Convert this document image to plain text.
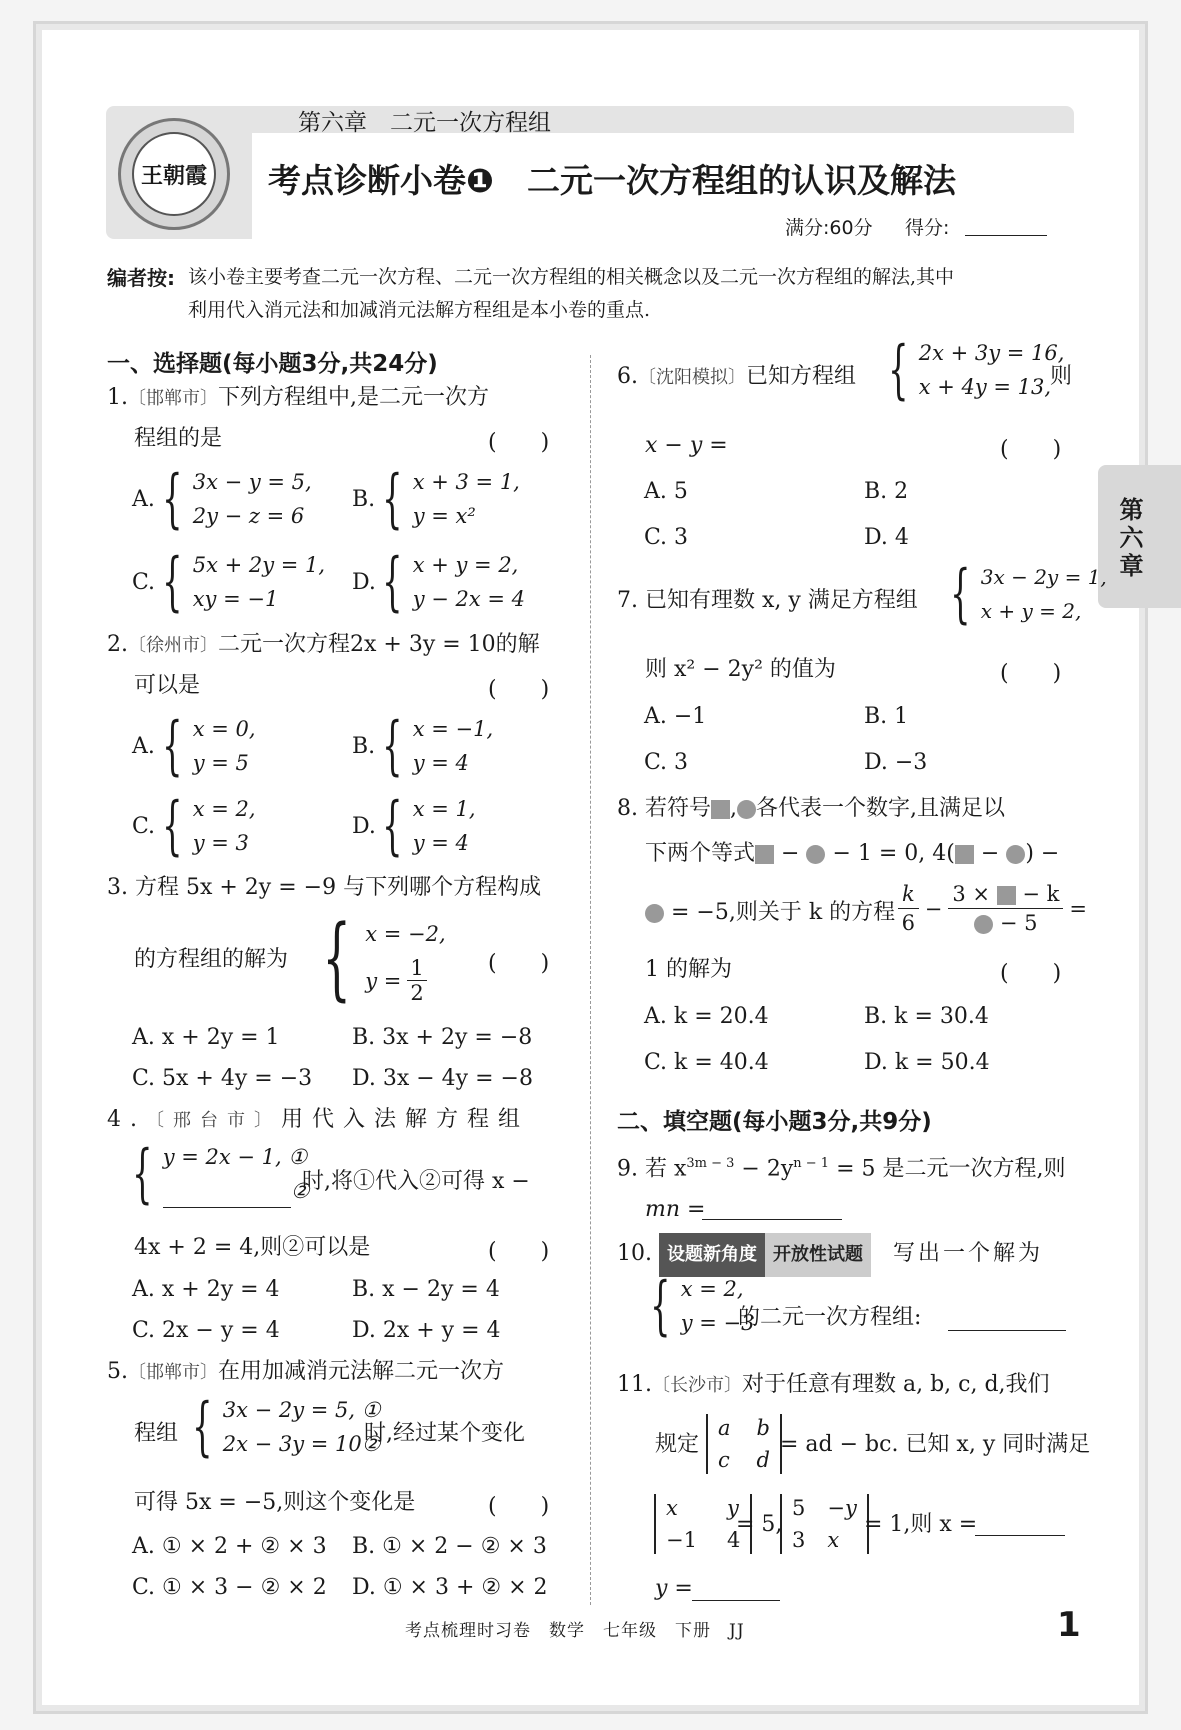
王朝霞
第六章　二元一次方程组
考点诊断小卷❶　二元一次方程组的认识及解法
满分:60分 得分:
第六章
编者按: 该小卷主要考查二元一次方程、二元一次方程组的相关概念以及二元一次方程组的解法,其中
利用代入消元法和加减消元法解方程组是本小卷的重点.
一、选择题(每小题3分,共24分)
1.〔邯郸市〕下列方程组中,是二元一次方
程组的是	(　　)
A. { 3x − y = 5,
2y − z = 6
B. { x + 3 = 1,
y = x²
C. { 5x + 2y = 1,
xy = −1
D. { x + y = 2,
y − 2x = 4
2.〔徐州市〕二元一次方程2x + 3y = 10的解
可以是	(　　)
A. { x = 0,
y = 5
B. { x = −1,
y = 4
C. { x = 2,
y = 3
D. { x = 1,
y = 4
3. 方程 5x + 2y = −9 与下列哪个方程构成
的方程组的解为 { x = −2,
$y = \frac{1}{2}$	(　　)
A. x + 2y = 1	B. 3x + 2y = −8
C. 5x + 4y = −3 D. 3x − 4y = −8
4.〔邢台市〕用代入法解方程组
{ y = 2x − 1, ①
②
时,将①代入②可得 x −
4x + 2 = 4,则②可以是	(　　)
A. x + 2y = 4	B. x − 2y = 4
C. 2x − y = 4	D. 2x + y = 4
5.〔邯郸市〕在用加减消元法解二元一次方
程组 { 3x − 2y = 5, ①
2x − 3y = 10②
时,经过某个变化
可得 5x = −5,则这个变化是	(　　)
A. ① × 2 + ② × 3 B. ① × 2 − ② × 3
C. ① × 3 − ② × 2 D. ① × 3 + ② × 2
6.〔沈阳模拟〕已知方程组 { 2x + 3y = 16,
x + 4y = 13,
则
x − y =	(　　)
A. 5	B. 2
C. 3	D. 4
7. 已知有理数 x, y 满足方程组 { 3x − 2y = 1,
x + y = 2,
则 x² − 2y² 的值为	(　　)
A. −1	B. 1
C. 3	D. −3
8. 若符号 , 各代表一个数字,且满足以
下两个等式 − − 1 = 0, 4( − ) −
= −5,则关于 k 的方程
k
6
− $\frac{3 \times - k}{- 5}$ =
1 的解为	(　　)
A. k = 20.4	B. k = 30.4
C. k = 40.4	D. k = 50.4
二、填空题(每小题3分,共9分)
9. 若 $x^{3m - 3} - 2y^{n - 1} = 5$ 是二元一次方程,则
mn =
10. 设题新角度 开放性试题　 写出一个解为
{ x = 2,
y = −3
的二元一次方程组:
11.〔长沙市〕对于任意有理数 a, b, c, d,我们
规定
a b
c d
= ad − bc. 已知 x, y 同时满足
x	y
−1 4
= 5,
5 −y
3 x
= 1,则 x =
y =
考点梳理时习卷　数学　七年级　下册　JJ	1
